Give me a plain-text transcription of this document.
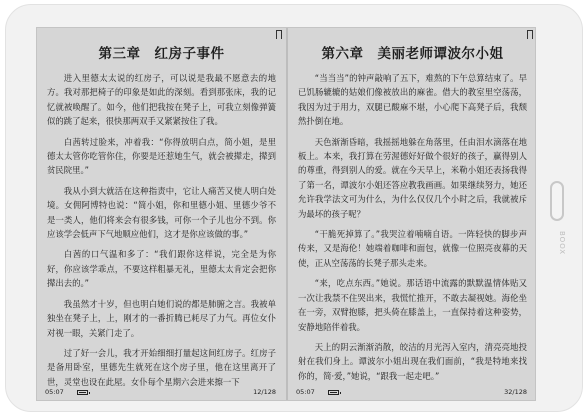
第三章　红房子事件

进入里德太太说的红房子，可以说是我最不愿意去的地方。我对那把椅子的印象是如此的深刻。看到那张床，我的记忆就被唤醒了。如今，他们把我按在凳子上，可我立刻像弹簧似的跳了起来，很快那两双手又紧紧按住了我。

白茜转过脸来，冲着我：“你得放明白点，简小姐，是里德太太管你吃管你住，你要是还惹她生气，就会被撵走，撵到贫民院里。”

我从小到大就活在这种指责中，它让人痛苦又使人明白处境。女佣阿博特也说：“简小姐，你和里德小姐、里德少爷不是一类人，他们将来会有很多钱，可你一个子儿也分不到。你应该学会低声下气地顺应他们，这才是你应该做的事。”

白茜的口气温和多了：“我们跟你这样说，完全是为你好，你应该学乖点，不要这样粗暴无礼，里德太太肯定会把你撵出去的。”

我虽然才十岁，但也明白她们说的都是肺腑之言。我被单独坐在凳子上，上，刚才的一番折腾已耗尽了力气。再位女仆对视一眼，关紧门走了。

过了好一会儿，我才开始细细打量起这间红房子。红房子是备用卧室，里德先生就死在这个房子里，他在这里离开了世，灵堂也设在此屋。女仆每个星期六会进来擦一下

05:07	12/128
第六章　美丽老师谭波尔小姐

“当当当”的钟声敲响了五下，难熬的下午总算结束了。早已饥肠辘辘的姑娘们像被放出的麻雀。借大的教室里空荡荡，我因为过于用力，双腿已酸麻不堪，小心爬下高凳子后，我颓然扑倒在地。

天色渐渐昏暗，我摇摇地躲在角落里，任由泪水滴落在地板上。本来，我打算在劳渥德好好做个很好的孩子，赢得别人的尊重，得到别人的爱。就在今天早上，米勒小姐还表扬我得了第一名，谭波尔小姐还答应教我画画。如果继续努力，她还允许我学法文可为什么，为什么仅仅几个小时之后，我就被斥为最坏的孩子呢？

“干脆死掉算了。”我哭泣着喃喃自语。一阵轻快的脚步声传来，又是海伦！她端着咖啡和面包，就像一位照亮夜幕的天使，正从空荡荡的长凳子那头走来。

“来，吃点东西。”她说。那话语中流露的默默温情体贴又一次让我禁不住哭出来，我慌忙推开，不敢去凝视她。海伦坐在一旁，双臂抱膝，把头倚在膝盖上，一直保持着这种姿势，安静地陪伴着我。

天上的阴云渐渐消散，皎洁的月光泻入室内，清亮亮地投射在我们身上。谭波尔小姐出现在我们面前，“我是特地来找你的，简·爱，”她说，“跟我一起走吧。”

05:07	32/128
BOOX
